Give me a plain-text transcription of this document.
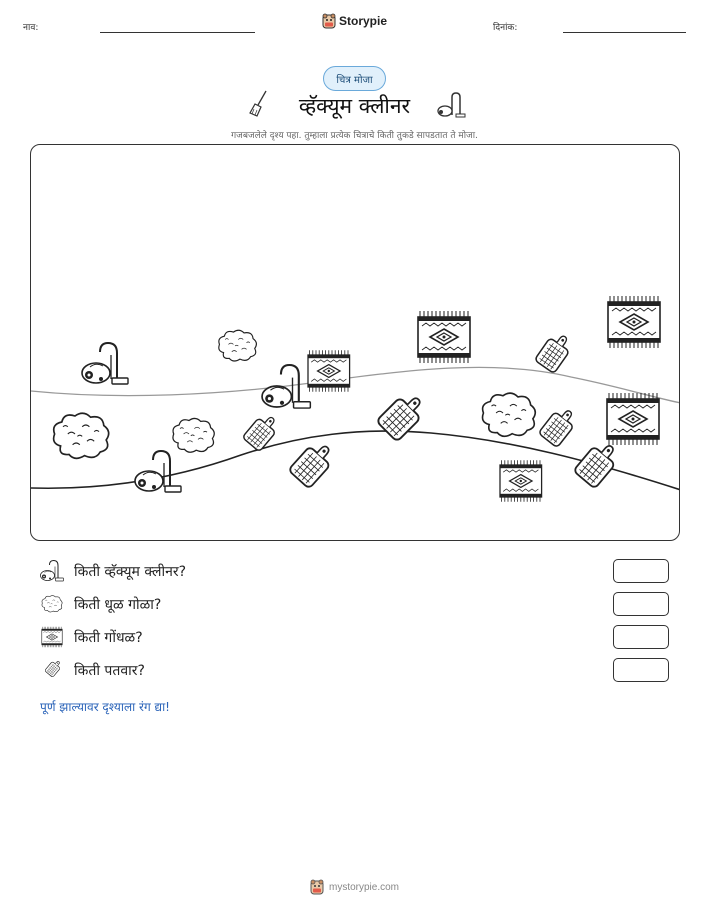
नाव:	Storypie	दिनांक:
चित्र मोजा
व्हॅक्यूम क्लीनर
गजबजलेले दृश्य पहा. तुम्हाला प्रत्येक चित्राचे किती तुकडे सापडतात ते मोजा.
किती व्हॅक्यूम क्लीनर?
किती धूळ गोळा?
किती गोंधळ?
किती पतवार?
पूर्ण झाल्यावर दृश्याला रंग द्या!
mystorypie.com
